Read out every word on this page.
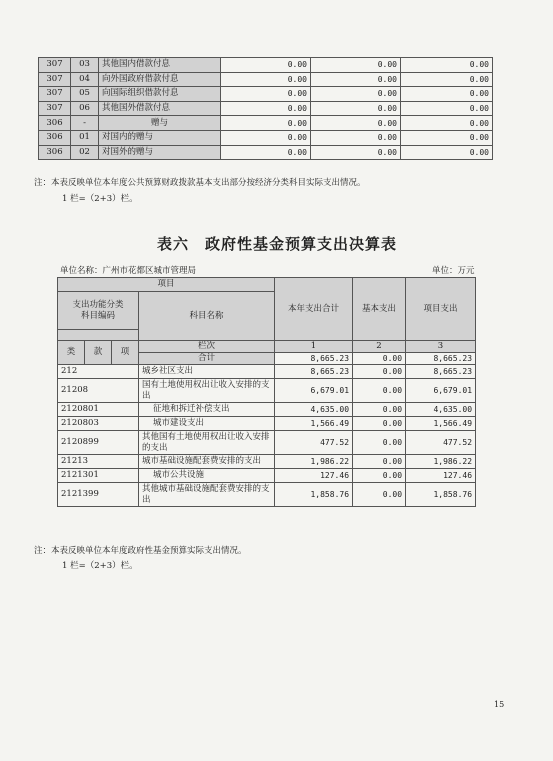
307	03	其他国内借款付息	0.00	0.00	0.00
307	04	向外国政府借款付息	0.00	0.00	0.00
307	05	向国际组织借款付息	0.00	0.00	0.00
307	06	其他国外借款付息	0.00	0.00	0.00
306	-	赠与	0.00	0.00	0.00
306	01	对国内的赠与	0.00	0.00	0.00
306	02	对国外的赠与	0.00	0.00	0.00
注：本表反映单位本年度公共预算财政拨款基本支出部分按经济分类科目实际支出情况。
1 栏=（2+3）栏。
表六　政府性基金预算支出决算表
单位名称：广州市花都区城市管理局	单位：万元
项目				本年支出合计	基本支出	项目支出
支出功能分类
科目编码			科目名称			

类	款	项	栏次	1	2	3
			合计	8,665.23	0.00	8,665.23
212			城乡社区支出	8,665.23	0.00	8,665.23
21208			国有土地使用权出让收入安排的支出	6,679.01	0.00	6,679.01
2120801			征地和拆迁补偿支出	4,635.00	0.00	4,635.00
2120803			城市建设支出	1,566.49	0.00	1,566.49
2120899			其他国有土地使用权出让收入安排的支出	477.52	0.00	477.52
21213			城市基础设施配套费安排的支出	1,986.22	0.00	1,986.22
2121301			城市公共设施	127.46	0.00	127.46
2121399			其他城市基础设施配套费安排的支出	1,858.76	0.00	1,858.76
注：本表反映单位本年度政府性基金预算实际支出情况。
1 栏=（2+3）栏。
15
